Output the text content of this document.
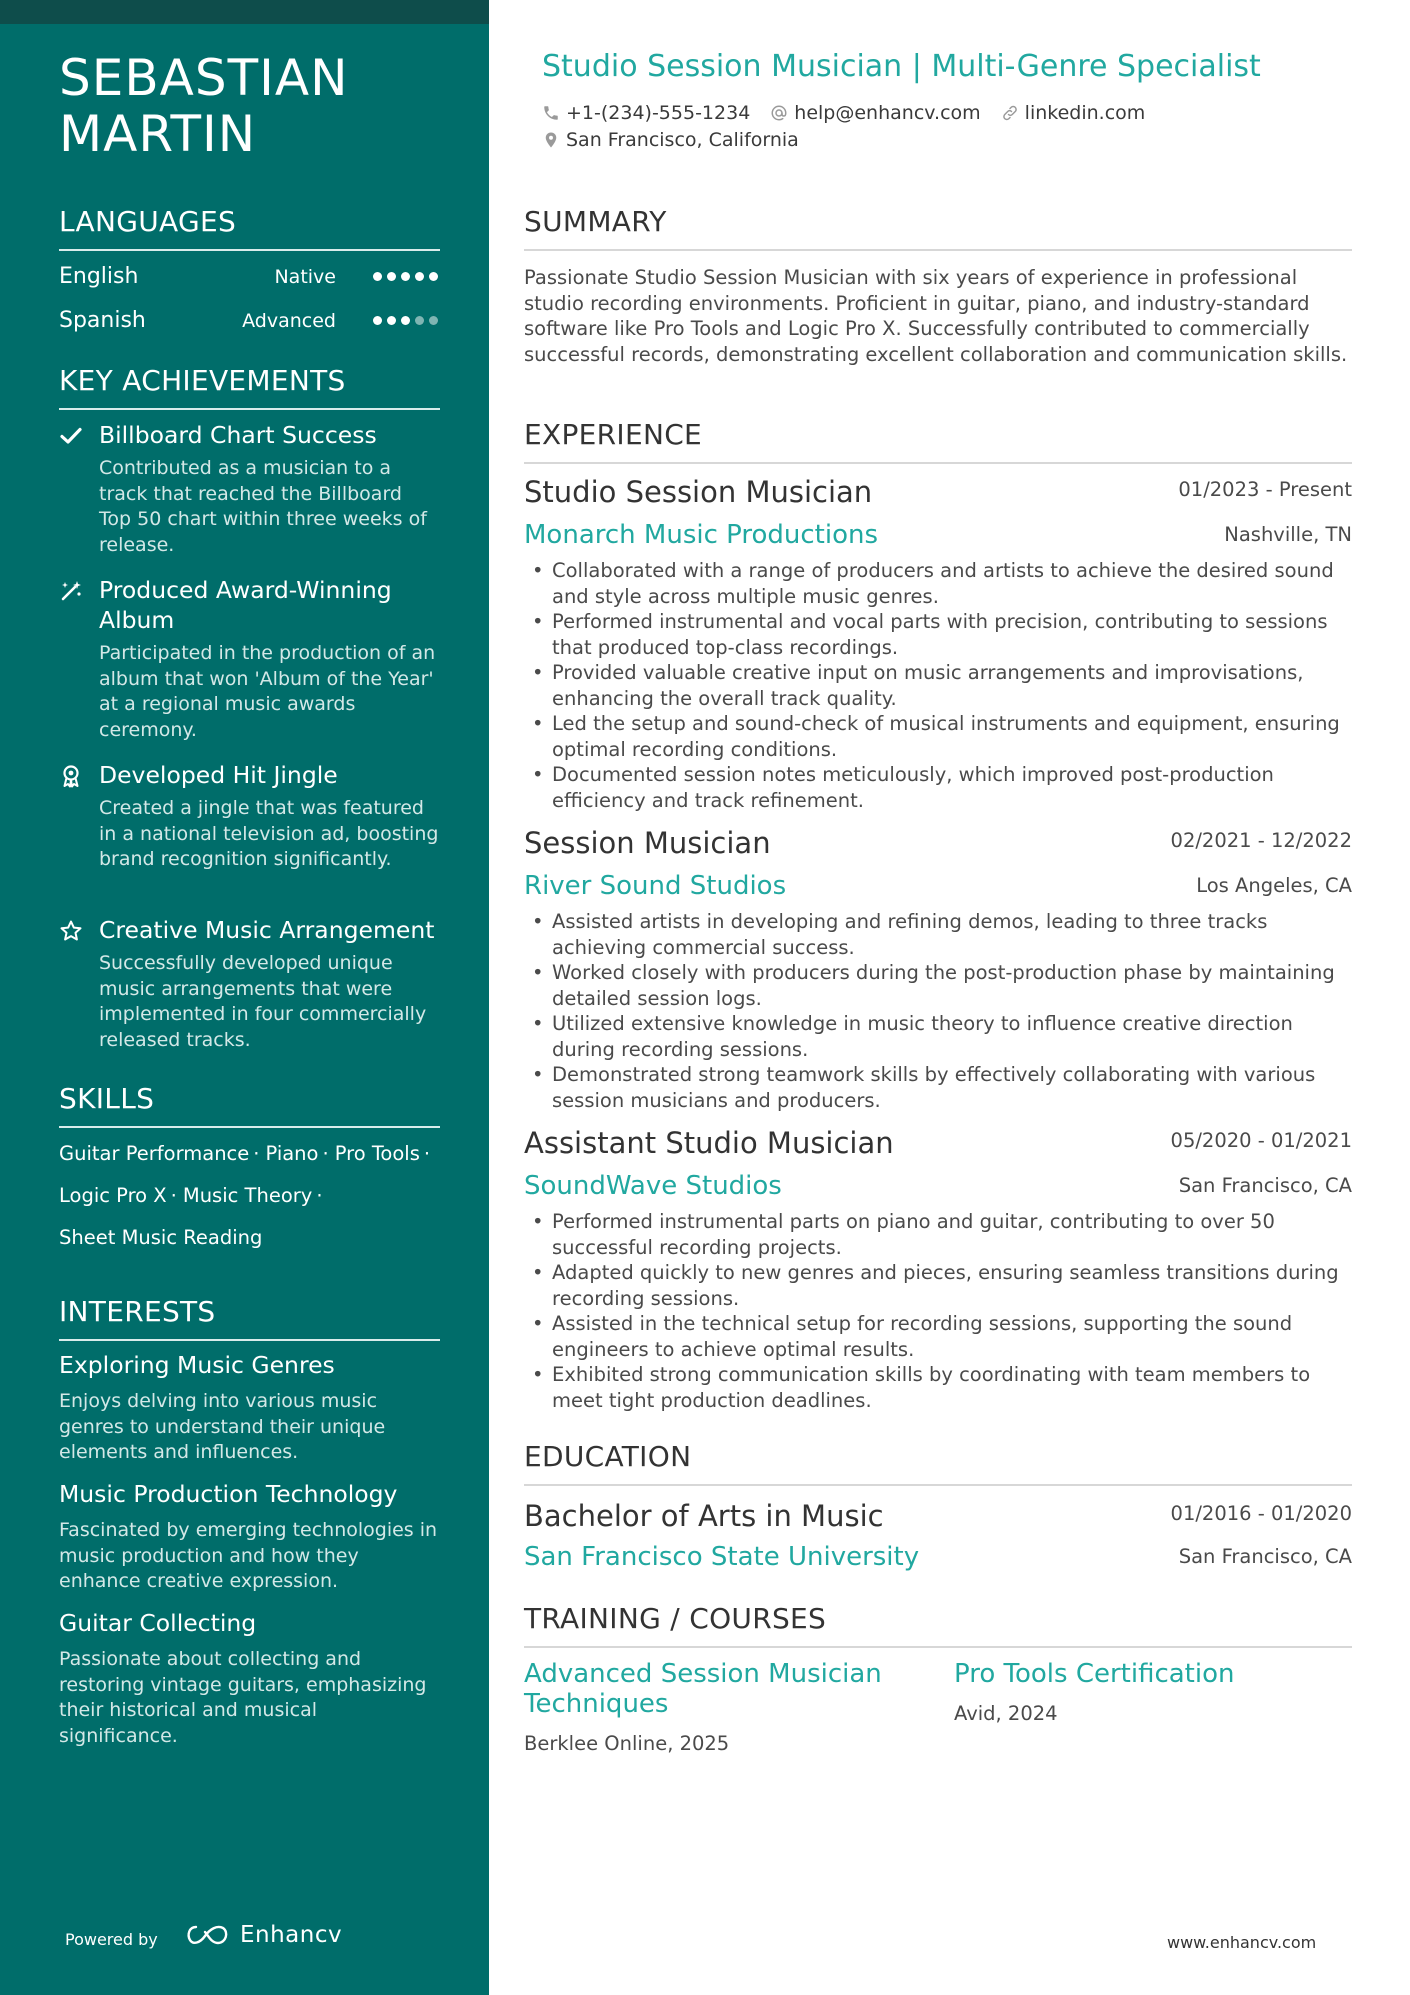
SEBASTIAN
MARTIN
LANGUAGES
English	Native
Spanish	Advanced
KEY ACHIEVEMENTS
Billboard Chart Success
Contributed as a musician to a track that reached the Billboard Top 50 chart within three weeks of release.
Produced Award-Winning Album
Participated in the production of an album that won 'Album of the Year' at a regional music awards ceremony.
Developed Hit Jingle
Created a jingle that was featured in a national television ad, boosting brand recognition significantly.
Creative Music Arrangement
Successfully developed unique music arrangements that were implemented in four commercially released tracks.
SKILLS
Guitar Performance · Piano · Pro Tools ·
Logic Pro X · Music Theory ·
Sheet Music Reading
INTERESTS
Exploring Music Genres
Enjoys delving into various music genres to understand their unique elements and influences.
Music Production Technology
Fascinated by emerging technologies in music production and how they enhance creative expression.
Guitar Collecting
Passionate about collecting and restoring vintage guitars, emphasizing their historical and musical significance.
Powered by	Enhancv
Studio Session Musician | Multi-Genre Specialist
+1-(234)-555-1234 help@enhancv.com linkedin.com
San Francisco, California
SUMMARY
Passionate Studio Session Musician with six years of experience in professional studio recording environments. Proficient in guitar, piano, and industry-standard software like Pro Tools and Logic Pro X. Successfully contributed to commercially successful records, demonstrating excellent collaboration and communication skills.
EXPERIENCE
Studio Session Musician	01/2023 - Present
Monarch Music Productions	Nashville, TN
• Collaborated with a range of producers and artists to achieve the desired sound and style across multiple music genres.
• Performed instrumental and vocal parts with precision, contributing to sessions that produced top-class recordings.
• Provided valuable creative input on music arrangements and improvisations, enhancing the overall track quality.
• Led the setup and sound-check of musical instruments and equipment, ensuring optimal recording conditions.
• Documented session notes meticulously, which improved post-production efficiency and track refinement.
Session Musician	02/2021 - 12/2022
River Sound Studios	Los Angeles, CA
• Assisted artists in developing and refining demos, leading to three tracks achieving commercial success.
• Worked closely with producers during the post-production phase by maintaining detailed session logs.
• Utilized extensive knowledge in music theory to influence creative direction during recording sessions.
• Demonstrated strong teamwork skills by effectively collaborating with various session musicians and producers.
Assistant Studio Musician	05/2020 - 01/2021
SoundWave Studios	San Francisco, CA
• Performed instrumental parts on piano and guitar, contributing to over 50 successful recording projects.
• Adapted quickly to new genres and pieces, ensuring seamless transitions during recording sessions.
• Assisted in the technical setup for recording sessions, supporting the sound engineers to achieve optimal results.
• Exhibited strong communication skills by coordinating with team members to meet tight production deadlines.
EDUCATION
Bachelor of Arts in Music	01/2016 - 01/2020
San Francisco State University	San Francisco, CA
TRAINING / COURSES
Advanced Session Musician Techniques
Berklee Online, 2025
Pro Tools Certification
Avid, 2024
www.enhancv.com
